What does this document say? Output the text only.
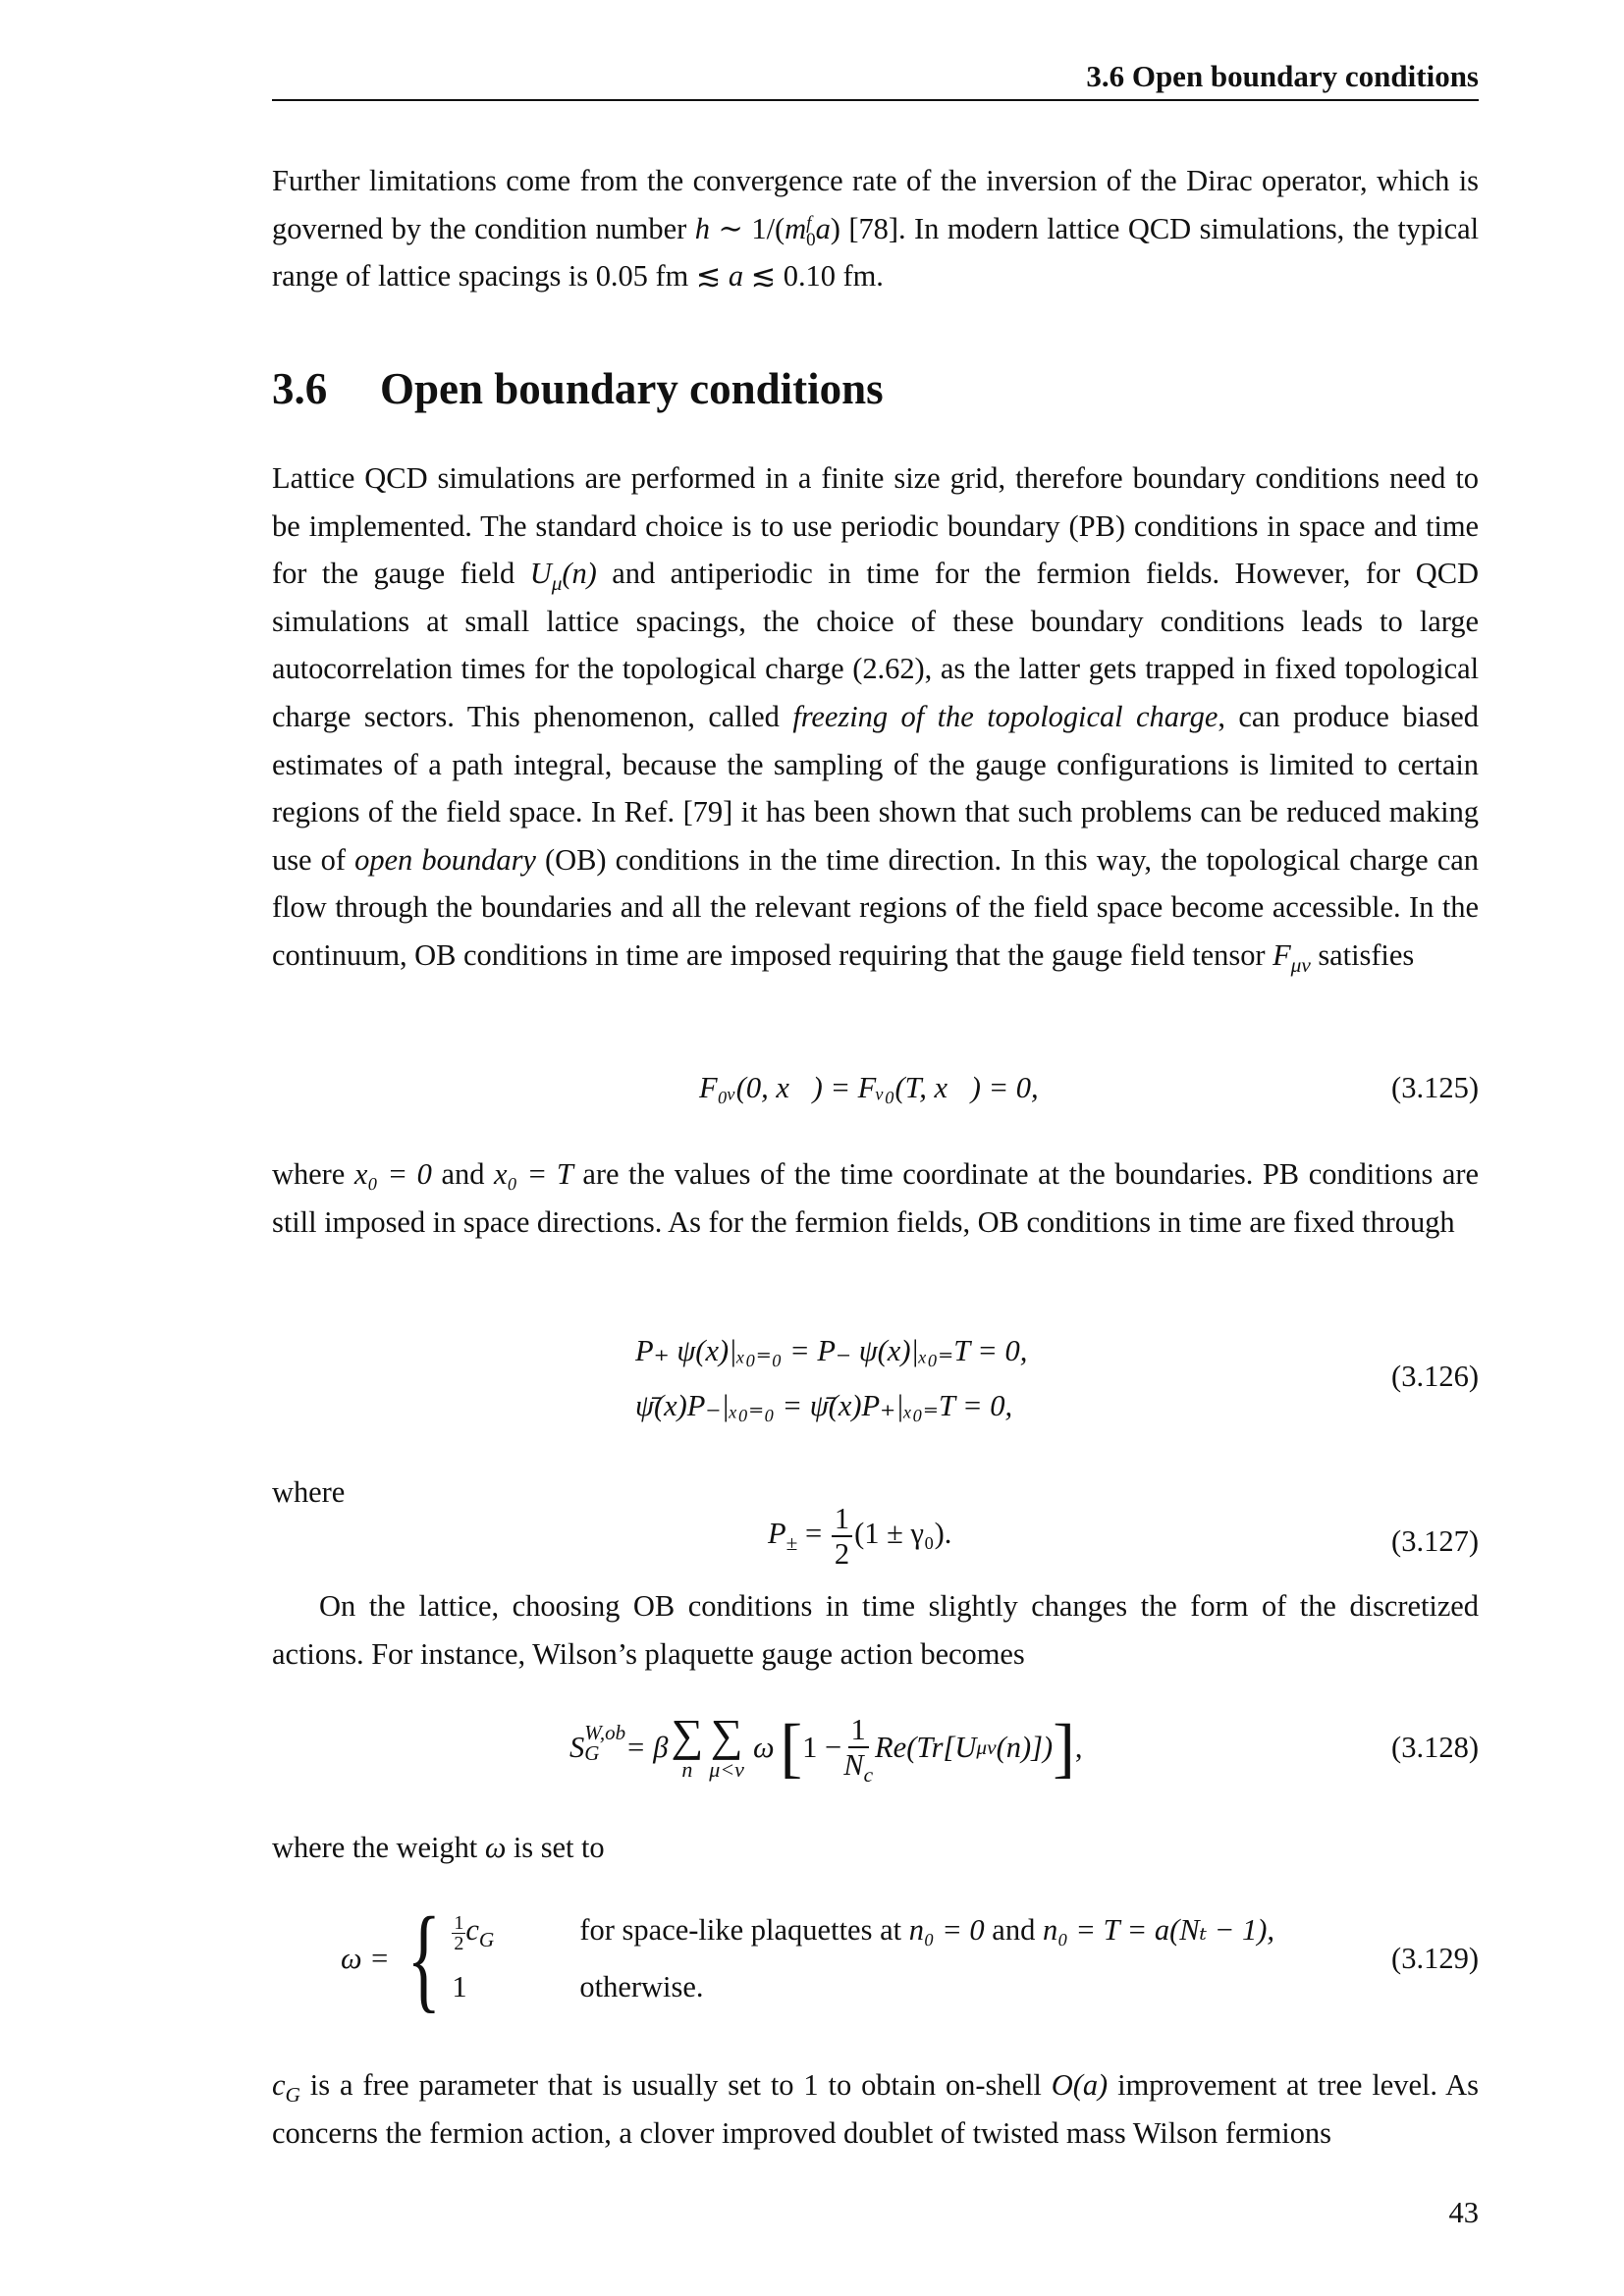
3.6 Open boundary conditions
Further limitations come from the convergence rate of the inversion of the Dirac operator, which is governed by the condition number h ∼ 1/(m f
0 a) [78]. In modern lattice QCD simulations, the typical range of lattice spacings is 0.05 fm ≲ a ≲ 0.10 fm.
3.6 Open boundary conditions
Lattice QCD simulations are performed in a finite size grid, therefore boundary conditions need to be implemented. The standard choice is to use periodic boundary (PB) conditions in space and time for the gauge field $U_\mu(n)$ and antiperiodic in time for the fermion fields. However, for QCD simulations at small lattice spacings, the choice of these boundary conditions leads to large autocorrelation times for the topological charge (2.62), as the latter gets trapped in fixed topological charge sectors. This phenomenon, called freezing of the topological charge, can produce biased estimates of a path integral, because the sampling of the gauge configurations is limited to certain regions of the field space. In Ref. [79] it has been shown that such problems can be reduced making use of open boundary (OB) conditions in the time direction. In this way, the topological charge can flow through the boundaries and all the relevant regions of the field space become accessible. In the continuum, OB conditions in time are imposed requiring that the gauge field tensor $F_{\mu\nu}$ satisfies
F₀ᵥ(0, x⃗) = Fᵥ₀(T, x⃗) = 0,	(3.125)
where x₀ = 0 and x₀ = T are the values of the time coordinate at the boundaries. PB conditions are still imposed in space directions. As for the fermion fields, OB conditions in time are fixed through
P₊ ψ(x)|ₓ₀₌₀ = P₋ ψ(x)|ₓ₀₌T = 0,
ψ̄(x)P₋|ₓ₀₌₀ = ψ̄(x)P₊|ₓ₀₌T = 0,
(3.126)
where
$P_\pm = \frac{1}{2} (1 \pm \gamma_0)$.	(3.127)
On the lattice, choosing OB conditions in time slightly changes the form of the discretized actions. For instance, Wilson’s plaquette gauge action becomes
S W,ob
G = β ∑
n
∑
μ<ν
ω [ $1 - \frac{1}{N_c} Re(Tr[U$ μν (n)]) ] ,	(3.128)
where the weight ω is set to
ω = { $\frac{1}{2} c_G$	for space-like plaquettes at n₀ = 0 and n₀ = T = a(Nₜ − 1),
1	otherwise.
(3.129)
$c_G$ is a free parameter that is usually set to 1 to obtain on-shell O(a) improvement at tree level. As concerns the fermion action, a clover improved doublet of twisted mass Wilson fermions
43
